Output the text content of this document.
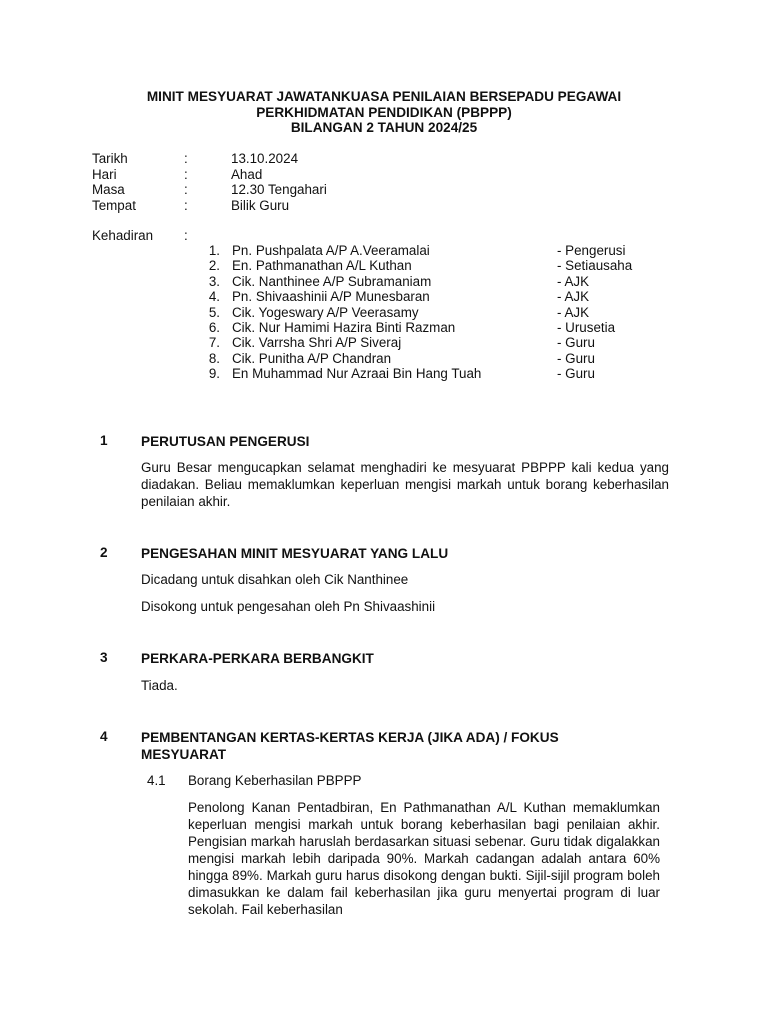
MINIT MESYUARAT JAWATANKUASA PENILAIAN BERSEPADU PEGAWAI
PERKHIDMATAN PENDIDIKAN (PBPPP)
BILANGAN 2 TAHUN 2024/25
Tarikh	:	13.10.2024
Hari	:	Ahad
Masa	:	12.30 Tengahari
Tempat	:	Bilik Guru
Kehadiran :
1. Pn. Pushpalata A/P A.Veeramalai	- Pengerusi
2. En. Pathmanathan A/L Kuthan	- Setiausaha
3. Cik. Nanthinee A/P Subramaniam	- AJK
4. Pn. Shivaashinii A/P Munesbaran	- AJK
5. Cik. Yogeswary A/P Veerasamy	- AJK
6. Cik. Nur Hamimi Hazira Binti Razman	- Urusetia
7. Cik. Varrsha Shri A/P Siveraj	- Guru
8. Cik. Punitha A/P Chandran	- Guru
9. En Muhammad Nur Azraai Bin Hang Tuah	- Guru
1 PERUTUSAN PENGERUSI

Guru Besar mengucapkan selamat menghadiri ke mesyuarat PBPPP kali kedua yang diadakan. Beliau memaklumkan keperluan mengisi markah untuk borang keberhasilan penilaian akhir.

2 PENGESAHAN MINIT MESYUARAT YANG LALU

Dicadang untuk disahkan oleh Cik Nanthinee

Disokong untuk pengesahan oleh Pn Shivaashinii

3 PERKARA-PERKARA BERBANGKIT

Tiada.

4 PEMBENTANGAN KERTAS-KERTAS KERJA (JIKA ADA) / FOKUS MESYUARAT
4.1 Borang Keberhasilan PBPPP

Penolong Kanan Pentadbiran, En Pathmanathan A/L Kuthan memaklumkan keperluan mengisi markah untuk borang keberhasilan bagi penilaian akhir. Pengisian markah haruslah berdasarkan situasi sebenar. Guru tidak digalakkan mengisi markah lebih daripada 90%. Markah cadangan adalah antara 60% hingga 89%. Markah guru harus disokong dengan bukti. Sijil-sijil program boleh dimasukkan ke dalam fail keberhasilan jika guru menyertai program di luar sekolah. Fail keberhasilan
